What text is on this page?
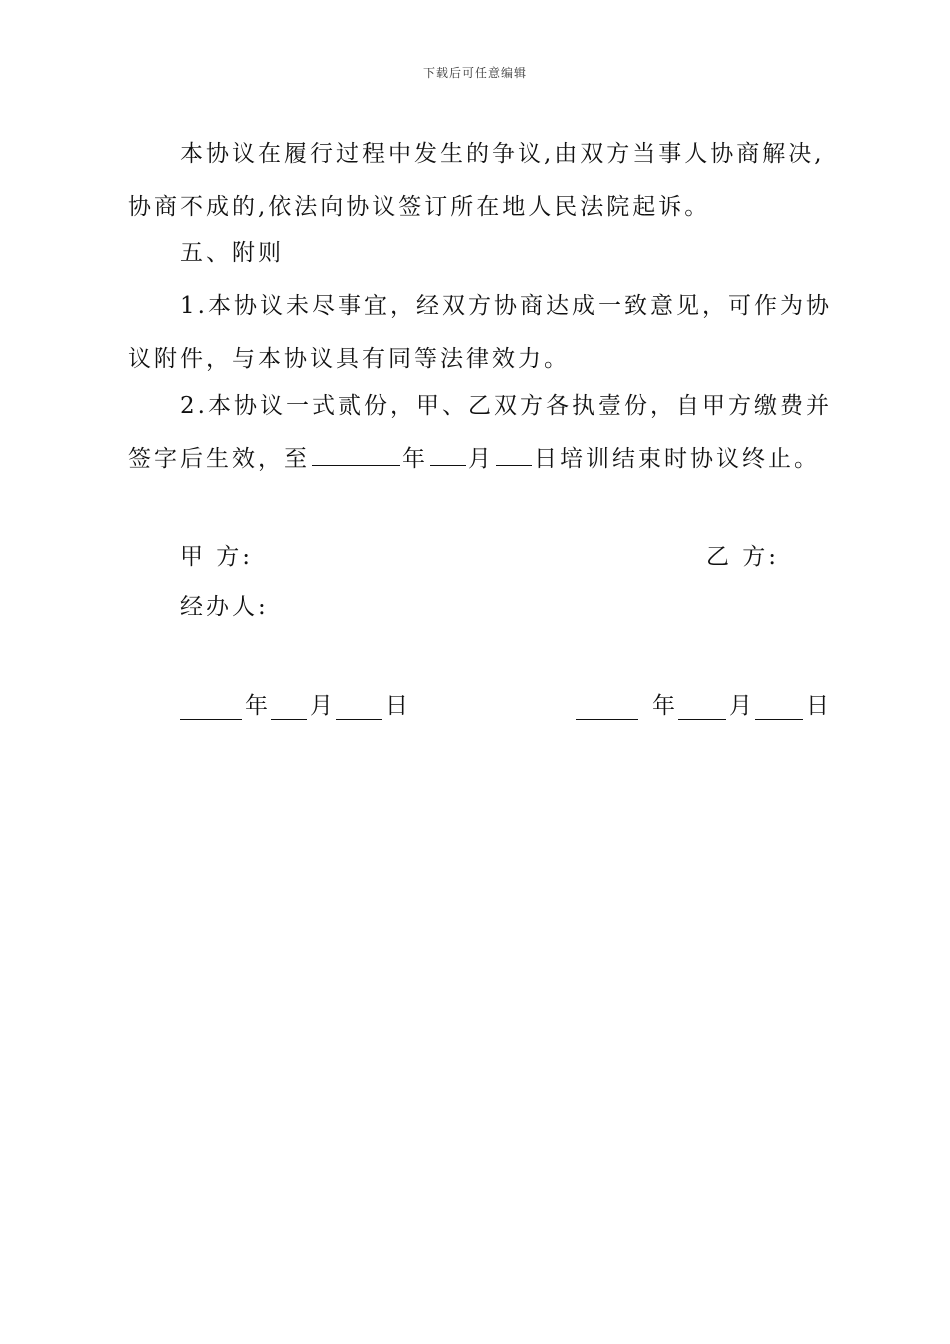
下载后可任意编辑
本协议在履行过程中发生的争议,由双方当事人协商解决,
协商不成的,依法向协议签订所在地人民法院起诉。
五、附则
1.本协议未尽事宜，经双方协商达成一致意见，可作为协
议附件，与本协议具有同等法律效力。
2.本协议一式贰份，甲、乙双方各执壹份，自甲方缴费并
签字后生效，至	年 月 日培训结束时协议终止。
甲 方:	乙 方:
经办人:
年 月 日	年 月 日
